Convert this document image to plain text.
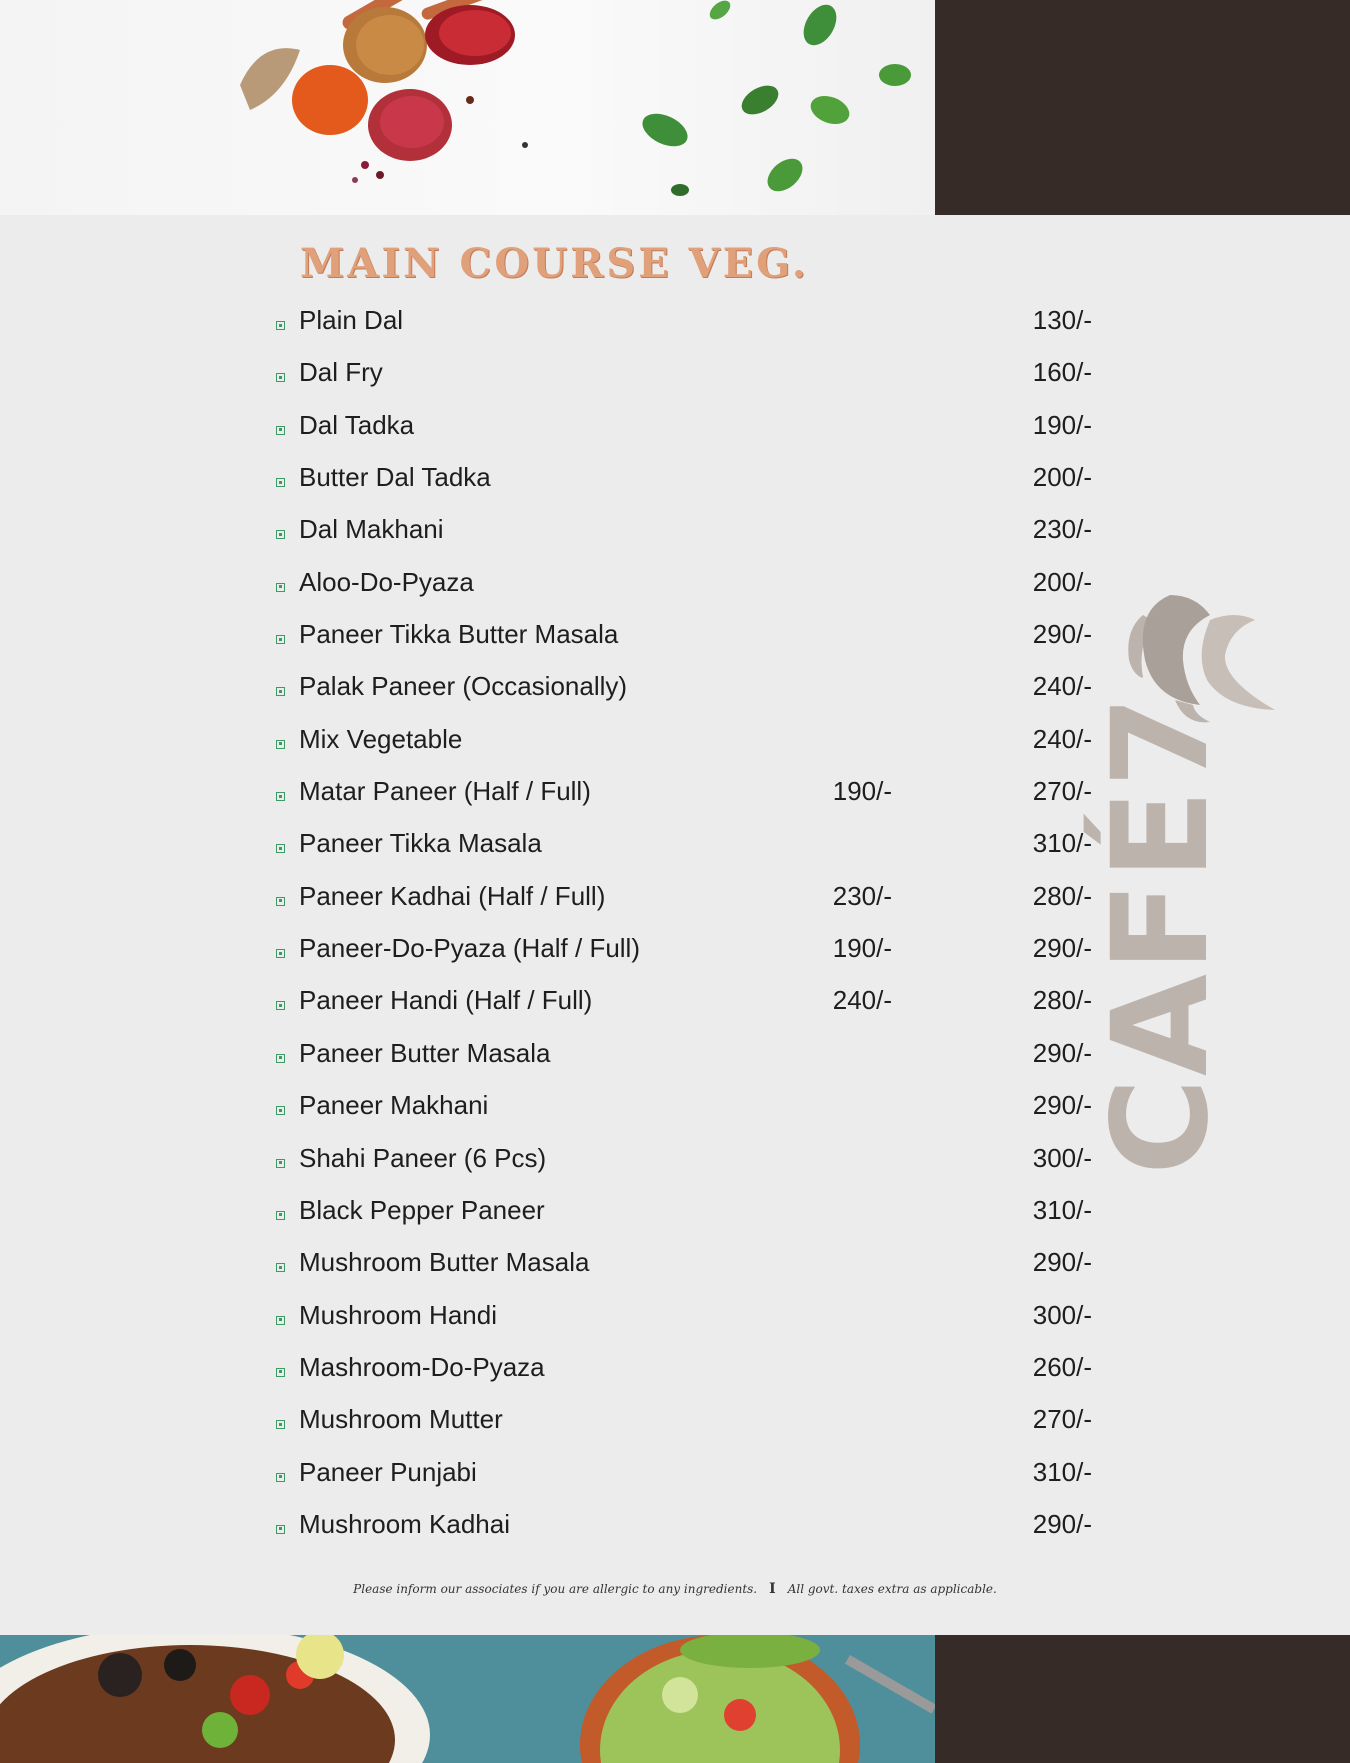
MAIN COURSE VEG.
Plain Dal	130/-
Dal Fry	160/-
Dal Tadka	190/-
Butter Dal Tadka	200/-
Dal Makhani	230/-
Aloo-Do-Pyaza	200/-
Paneer Tikka Butter Masala	290/-
Palak Paneer (Occasionally)	240/-
Mix Vegetable	240/-
Matar Paneer (Half / Full)	190/-	270/-
Paneer Tikka Masala	310/-
Paneer Kadhai (Half / Full)	230/-	280/-
Paneer-Do-Pyaza (Half / Full)	190/-	290/-
Paneer Handi (Half / Full)	240/-	280/-
Paneer Butter Masala	290/-
Paneer Makhani	290/-
Shahi Paneer (6 Pcs)	300/-
Black Pepper Paneer	310/-
Mushroom Butter Masala	290/-
Mushroom Handi	300/-
Mashroom-Do-Pyaza	260/-
Mushroom Mutter	270/-
Paneer Punjabi	310/-
Mushroom Kadhai	290/-
CAFÉ7
Please inform our associates if you are allergic to any ingredients. I All govt. taxes extra as applicable.
